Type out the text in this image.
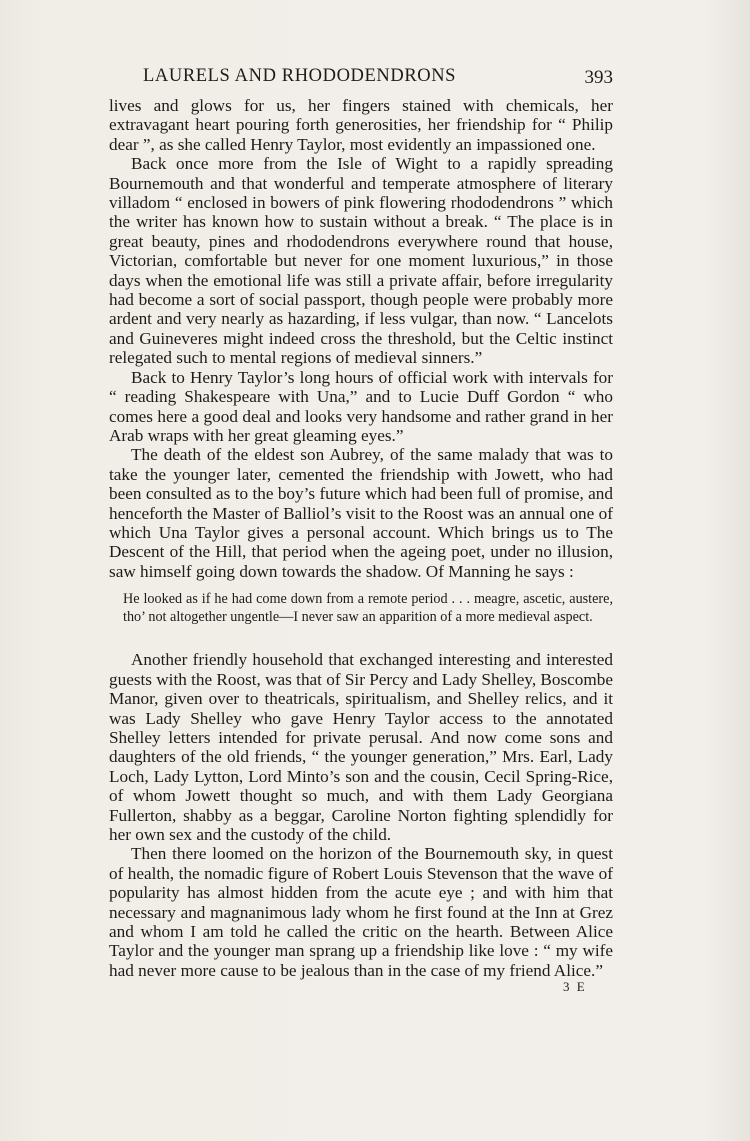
LAURELS AND RHODODENDRONS	393

lives and glows for us, her fingers stained with chemicals, her extravagant heart pouring forth generosities, her friendship for “ Philip dear ”, as she called Henry Taylor, most evidently an impassioned one.

Back once more from the Isle of Wight to a rapidly spreading Bournemouth and that wonderful and temperate atmosphere of literary villadom “ enclosed in bowers of pink flowering rhododendrons ” which the writer has known how to sustain without a break. “ The place is in great beauty, pines and rhododendrons everywhere round that house, Victorian, comfortable but never for one moment luxurious,” in those days when the emotional life was still a private affair, before irregularity had become a sort of social passport, though people were probably more ardent and very nearly as hazarding, if less vulgar, than now. “ Lancelots and Guineveres might indeed cross the threshold, but the Celtic instinct relegated such to mental regions of medieval sinners.”

Back to Henry Taylor’s long hours of official work with intervals for “ reading Shakespeare with Una,” and to Lucie Duff Gordon “ who comes here a good deal and looks very handsome and rather grand in her Arab wraps with her great gleaming eyes.”

The death of the eldest son Aubrey, of the same malady that was to take the younger later, cemented the friendship with Jowett, who had been consulted as to the boy’s future which had been full of promise, and henceforth the Master of Balliol’s visit to the Roost was an annual one of which Una Taylor gives a personal account. Which brings us to The Descent of the Hill, that period when the ageing poet, under no illusion, saw himself going down towards the shadow. Of Manning he says :

He looked as if he had come down from a remote period . . . meagre, ascetic, austere, tho’ not altogether ungentle—I never saw an apparition of a more medieval aspect.

Another friendly household that exchanged interesting and interested guests with the Roost, was that of Sir Percy and Lady Shelley, Boscombe Manor, given over to theatricals, spiritualism, and Shelley relics, and it was Lady Shelley who gave Henry Taylor access to the annotated Shelley letters intended for private perusal. And now come sons and daughters of the old friends, “ the younger generation,” Mrs. Earl, Lady Loch, Lady Lytton, Lord Minto’s son and the cousin, Cecil Spring-Rice, of whom Jowett thought so much, and with them Lady Georgiana Fullerton, shabby as a beggar, Caroline Norton fighting splendidly for her own sex and the custody of the child.

Then there loomed on the horizon of the Bournemouth sky, in quest of health, the nomadic figure of Robert Louis Stevenson that the wave of popularity has almost hidden from the acute eye ; and with him that necessary and magnanimous lady whom he first found at the Inn at Grez and whom I am told he called the critic on the hearth. Between Alice Taylor and the younger man sprang up a friendship like love : “ my wife had never more cause to be jealous than in the case of my friend Alice.”

3 E
